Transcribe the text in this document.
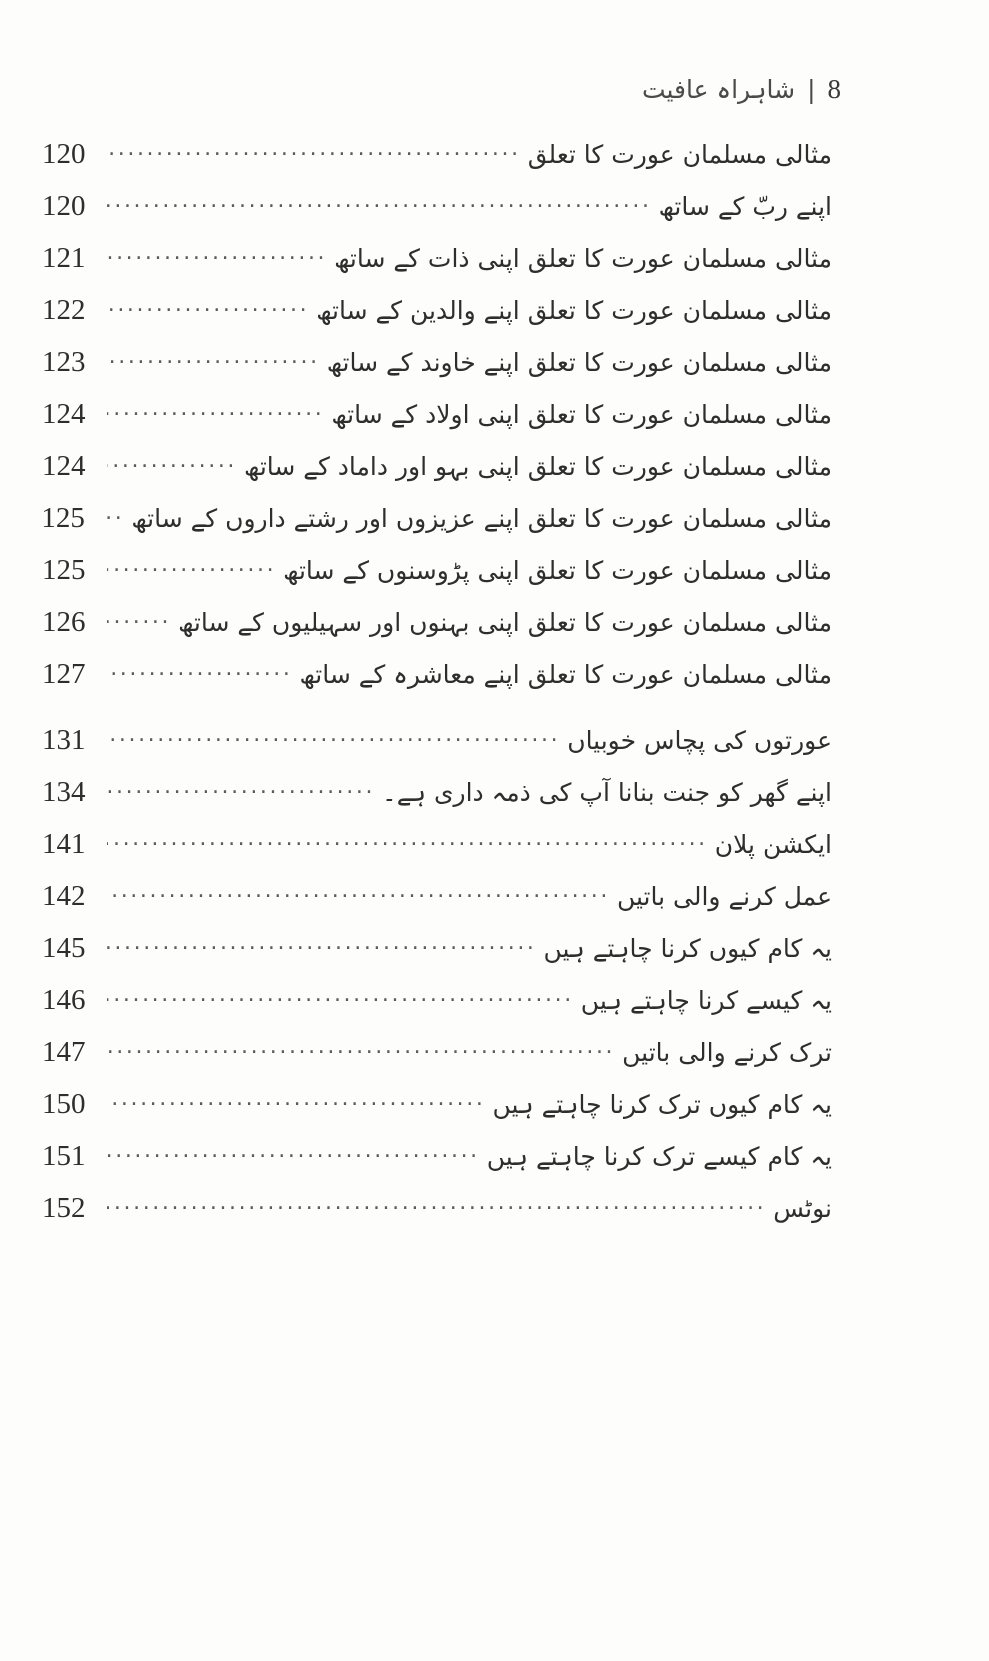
8
|
شاہراہ عافیت
مثالی مسلمان عورت کا تعلق
.....
120
اپنے ربّ کے ساتھ
.....
120
مثالی مسلمان عورت کا تعلق اپنی ذات کے ساتھ
.....
121
مثالی مسلمان عورت کا تعلق اپنے والدین کے ساتھ
.....
122
مثالی مسلمان عورت کا تعلق اپنے خاوند کے ساتھ
.....
123
مثالی مسلمان عورت کا تعلق اپنی اولاد کے ساتھ
.....
124
مثالی مسلمان عورت کا تعلق اپنی بہو اور داماد کے ساتھ
.....
124
مثالی مسلمان عورت کا تعلق اپنے عزیزوں اور رشتے داروں کے ساتھ
.....
125
مثالی مسلمان عورت کا تعلق اپنی پڑوسنوں کے ساتھ
.....
125
مثالی مسلمان عورت کا تعلق اپنی بہنوں اور سہیلیوں کے ساتھ
.....
126
مثالی مسلمان عورت کا تعلق اپنے معاشرہ کے ساتھ
.....
127
عورتوں کی پچاس خوبیاں
.....
131
اپنے گھر کو جنت بنانا آپ کی ذمہ داری ہے۔
.....
134
ایکشن پلان
.....
141
عمل کرنے والی باتیں
.....
142
یہ کام کیوں کرنا چاہتے ہیں
.....
145
یہ کیسے کرنا چاہتے ہیں
.....
146
ترک کرنے والی باتیں
.....
147
یہ کام کیوں ترک کرنا چاہتے ہیں
.....
150
یہ کام کیسے ترک کرنا چاہتے ہیں
.....
151
نوٹس
.....
152
